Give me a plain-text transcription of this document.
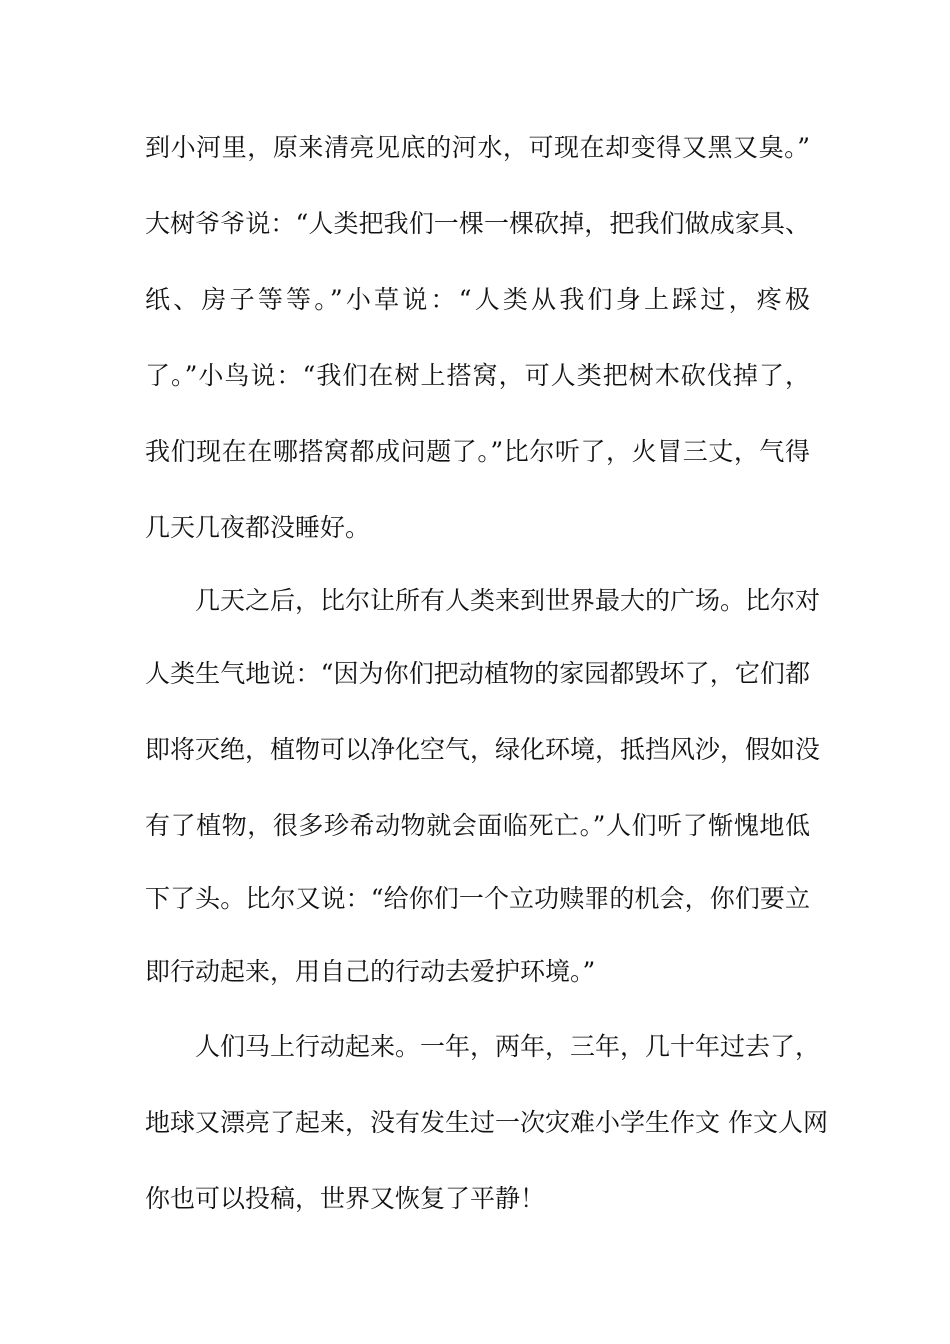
到小河里，原来清亮见底的河水，可现在却变得又黑又臭。”
大树爷爷说：“人类把我们一棵一棵砍掉，把我们做成家具、
纸、房子等等。”小草说：“人类从我们身上踩过，疼极
了。”小鸟说：“我们在树上搭窝，可人类把树木砍伐掉了，
我们现在在哪搭窝都成问题了。”比尔听了，火冒三丈，气得
几天几夜都没睡好。
几天之后，比尔让所有人类来到世界最大的广场。比尔对
人类生气地说：“因为你们把动植物的家园都毁坏了，它们都
即将灭绝，植物可以净化空气，绿化环境，抵挡风沙，假如没
有了植物，很多珍希动物就会面临死亡。”人们听了惭愧地低
下了头。比尔又说：“给你们一个立功赎罪的机会，你们要立
即行动起来，用自己的行动去爱护环境。”
人们马上行动起来。一年，两年，三年，几十年过去了，
地球又漂亮了起来，没有发生过一次灾难小学生作文 作文人网
你也可以投稿，世界又恢复了平静！
